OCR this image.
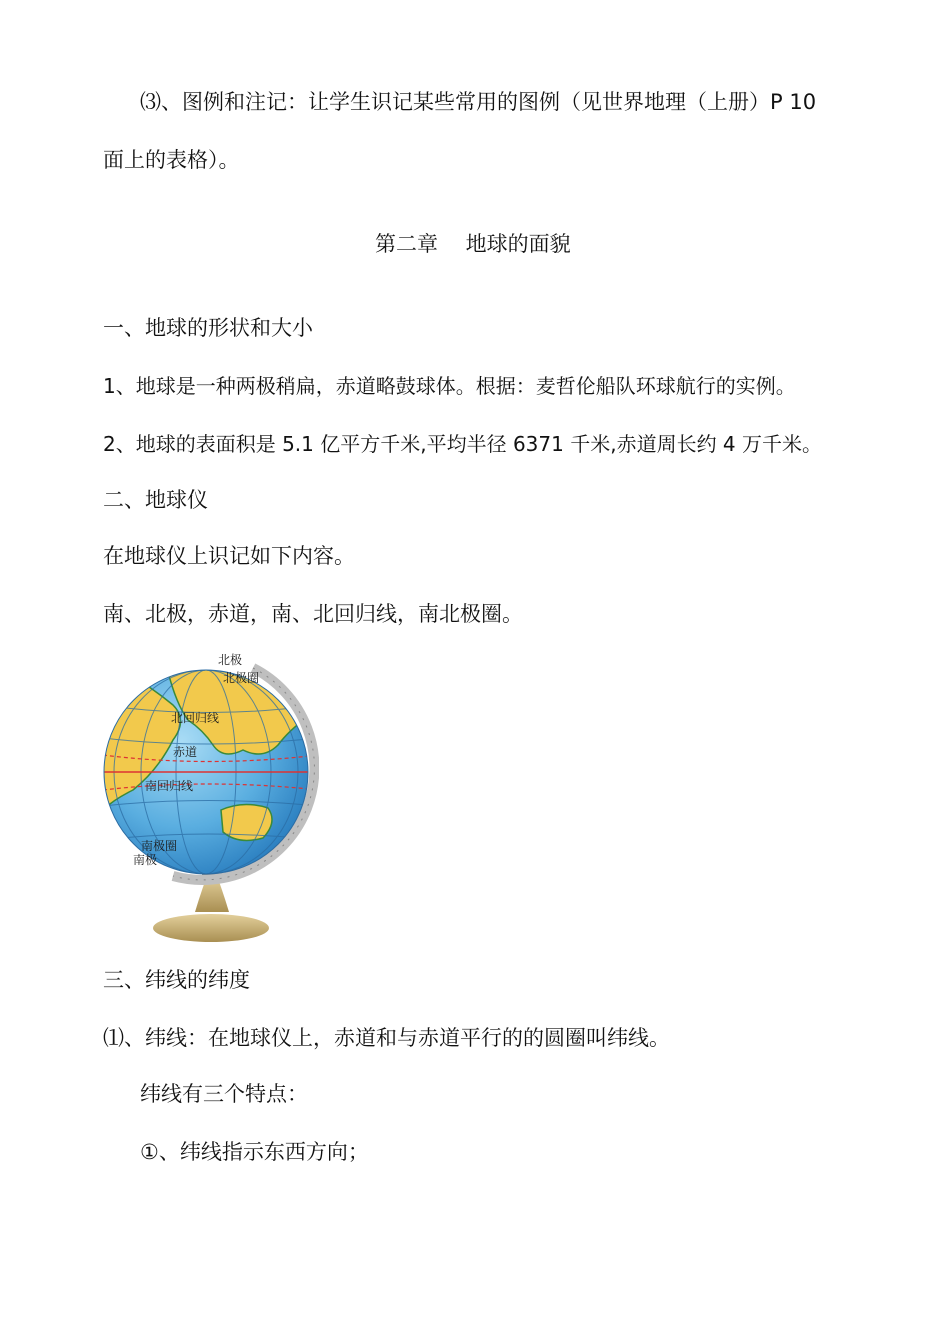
⑶、图例和注记：让学生识记某些常用的图例（见世界地理（上册）P 10
面上的表格）。
第二章　 地球的面貌
一、地球的形状和大小
1、地球是一种两极稍扁，赤道略鼓球体。根据：麦哲伦船队环球航行的实例。
2、地球的表面积是 5.1 亿平方千米,平均半径 6371 千米,赤道周长约 4 万千米。
二、地球仪
在地球仪上识记如下内容。
南、北极，赤道，南、北回归线，南北极圈。
北极
北极圈
北回归线
赤道
南回归线
南极圈
南极
三、纬线的纬度
⑴、纬线：在地球仪上，赤道和与赤道平行的的圆圈叫纬线。
纬线有三个特点：
①、纬线指示东西方向；
